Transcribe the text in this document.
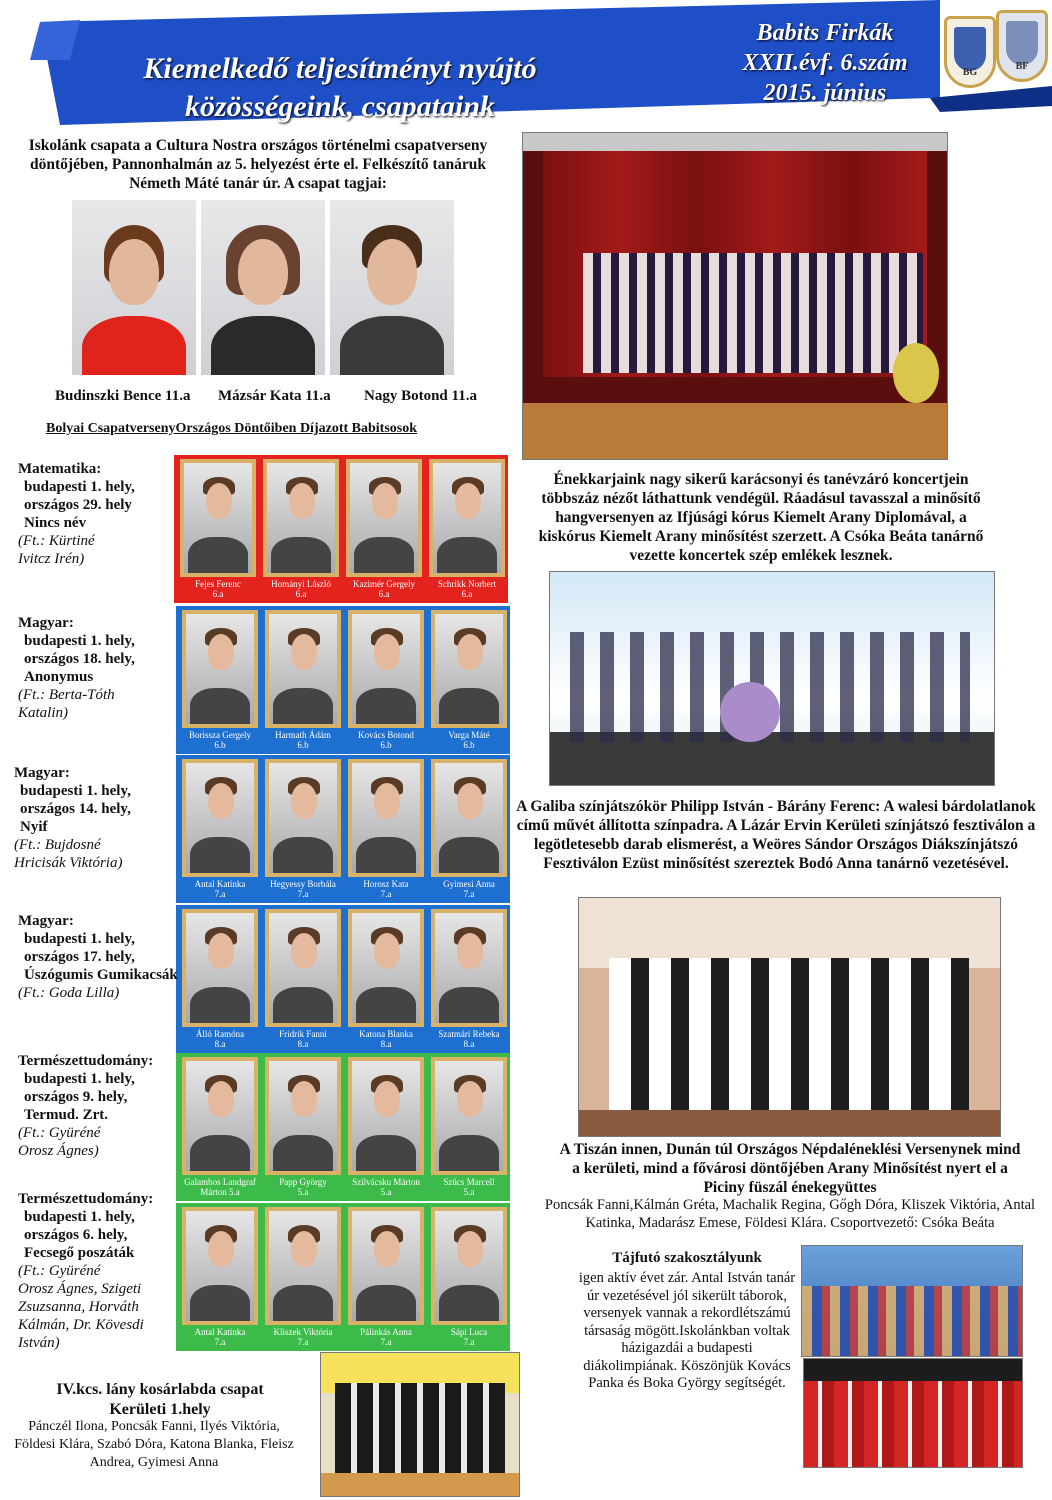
Kiemelkedő teljesítményt nyújtó
közösségeink, csapataink
Babits Firkák
XXII.évf. 6.szám
2015. június
BG
BF
Iskolánk csapata a Cultura Nostra országos történelmi csapatverseny döntőjében, Pannonhalmán az 5. helyezést érte el. Felkészítő tanáruk Németh Máté tanár úr. A csapat tagjai:
Budinszki Bence 11.a	Mázsár Kata 11.a	Nagy Botond 11.a
Bolyai CsapatversenyOrszágos Döntőiben Díjazott Babitsosok
Fejes Ferenc
6.a
Hományi László
6.a
Kazimér Gergely
6.a
Schrikk Norbert
6.a
Matematika:
budapesti 1. hely,
országos 29. hely
Nincs név
(Ft.: Kürtiné
Ivitcz Irén)
Borissza Gergely
6.b
Harmath Ádám
6.b
Kovács Botond
6.b
Varga Máté
6.b
Magyar:
budapesti 1. hely,
országos 18. hely,
Anonymus
(Ft.: Berta-Tóth
Katalin)
Antal Katinka
7.a
Hegyessy Borbála
7.a
Horosz Kata
7.a
Gyimesi Anna
7.a
Magyar:
budapesti 1. hely,
országos 14. hely,
Nyif
(Ft.: Bujdosné
Hricisák Viktória)
Álló Ramóna
8.a
Fridrik Fanni
8.a
Katona Blanka
8.a
Szatmári Rebeka
8.a
Magyar:
budapesti 1. hely,
országos 17. hely,
Úszógumis Gumikacsák
(Ft.: Goda Lilla)
Galambos Landgraf Márton 5.a
Papp György
5.a
Szilvácsku Márton
5.a
Szűcs Marcell
5.a
Természettudomány:
budapesti 1. hely,
országos 9. hely,
Termud. Zrt.
(Ft.: Gyüréné
Orosz Ágnes)
Antal Katinka
7.a
Kliszek Viktória
7.a
Pálinkás Anna
7.a
Sápi Luca
7.a
Természettudomány:
budapesti 1. hely,
országos 6. hely,
Fecsegő poszáták
(Ft.: Gyüréné
Orosz Ágnes, Szigeti
Zsuzsanna, Horváth
Kálmán, Dr. Kövesdi István)
Énekkarjaink nagy sikerű karácsonyi és tanévzáró koncertjein többszáz nézőt láthattunk vendégül. Ráadásul tavasszal a minősítő hangversenyen az Ifjúsági kórus Kiemelt Arany Diplomával, a kiskórus Kiemelt Arany minősítést szerzett. A Csóka Beáta tanárnő vezette koncertek szép emlékek lesznek.
A Galiba színjátszókör Philipp István - Bárány Ferenc: A walesi bárdolatlanok című művét állította színpadra. A Lázár Ervin Kerületi színjátszó fesztiválon a legötletesebb darab elismerést, a Weöres Sándor Országos Diákszínjátszó Fesztiválon Ezüst minősítést szereztek Bodó Anna tanárnő vezetésével.
A Tiszán innen, Dunán túl Országos Népdaléneklési Versenynek mind a kerületi, mind a fővárosi döntőjében Arany Minősítést nyert el a Piciny füszál énekegyüttes
Poncsák Fanni,Kálmán Gréta, Machalik Regina, Gőgh Dóra, Kliszek Viktória, Antal Katinka, Madarász Emese, Földesi Klára. Csoportvezető: Csóka Beáta
Tájfutó szakosztályunk
igen aktív évet zár. Antal István tanár úr vezetésével jól sikerült táborok, versenyek vannak a rekordlétszámú társaság mögött.Iskolánkban voltak házigazdái a budapesti diákolimpiának. Köszönjük Kovács Panka és Boka György segítségét.
IV.kcs. lány kosárlabda csapat
Kerületi 1.hely
Pánczél Ilona, Poncsák Fanni, Ilyés Viktória, Földesi Klára, Szabó Dóra, Katona Blanka, Fleisz Andrea, Gyimesi Anna
